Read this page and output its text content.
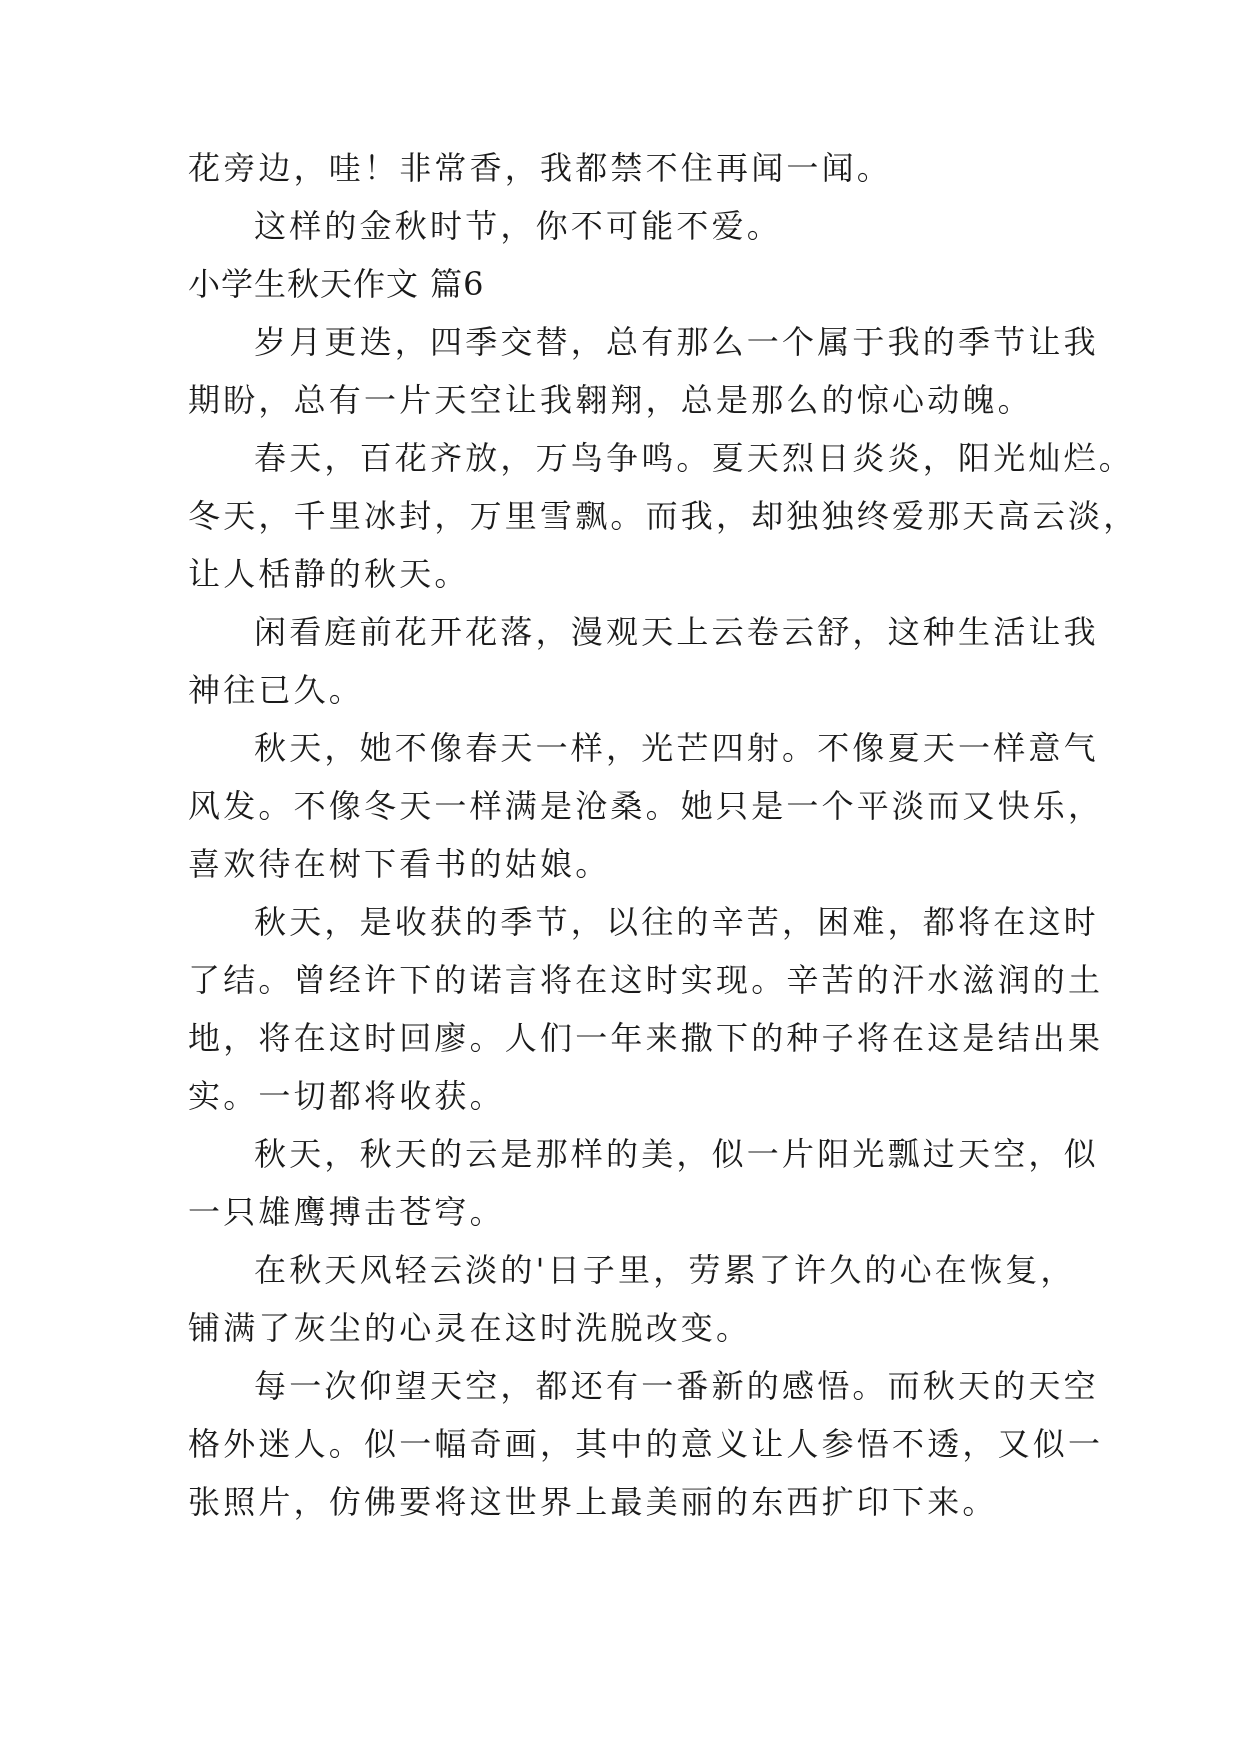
花旁边，哇！非常香，我都禁不住再闻一闻。
这样的金秋时节，你不可能不爱。
小学生秋天作文 篇6
岁月更迭，四季交替，总有那么一个属于我的季节让我
期盼，总有一片天空让我翱翔，总是那么的惊心动魄。
春天，百花齐放，万鸟争鸣。夏天烈日炎炎，阳光灿烂。
冬天，千里冰封，万里雪飘。而我，却独独终爱那天高云淡，
让人栝静的秋天。
闲看庭前花开花落，漫观天上云卷云舒，这种生活让我
神往已久。
秋天，她不像春天一样，光芒四射。不像夏天一样意气
风发。不像冬天一样满是沧桑。她只是一个平淡而又快乐，
喜欢待在树下看书的姑娘。
秋天，是收获的季节，以往的辛苦，困难，都将在这时
了结。曾经许下的诺言将在这时实现。辛苦的汗水滋润的土
地，将在这时回廖。人们一年来撒下的种子将在这是结出果
实。一切都将收获。
秋天，秋天的云是那样的美，似一片阳光瓢过天空，似
一只雄鹰搏击苍穹。
在秋天风轻云淡的'日子里，劳累了许久的心在恢复，
铺满了灰尘的心灵在这时洗脱改变。
每一次仰望天空，都还有一番新的感悟。而秋天的天空
格外迷人。似一幅奇画，其中的意义让人参悟不透，又似一
张照片，仿佛要将这世界上最美丽的东西扩印下来。
